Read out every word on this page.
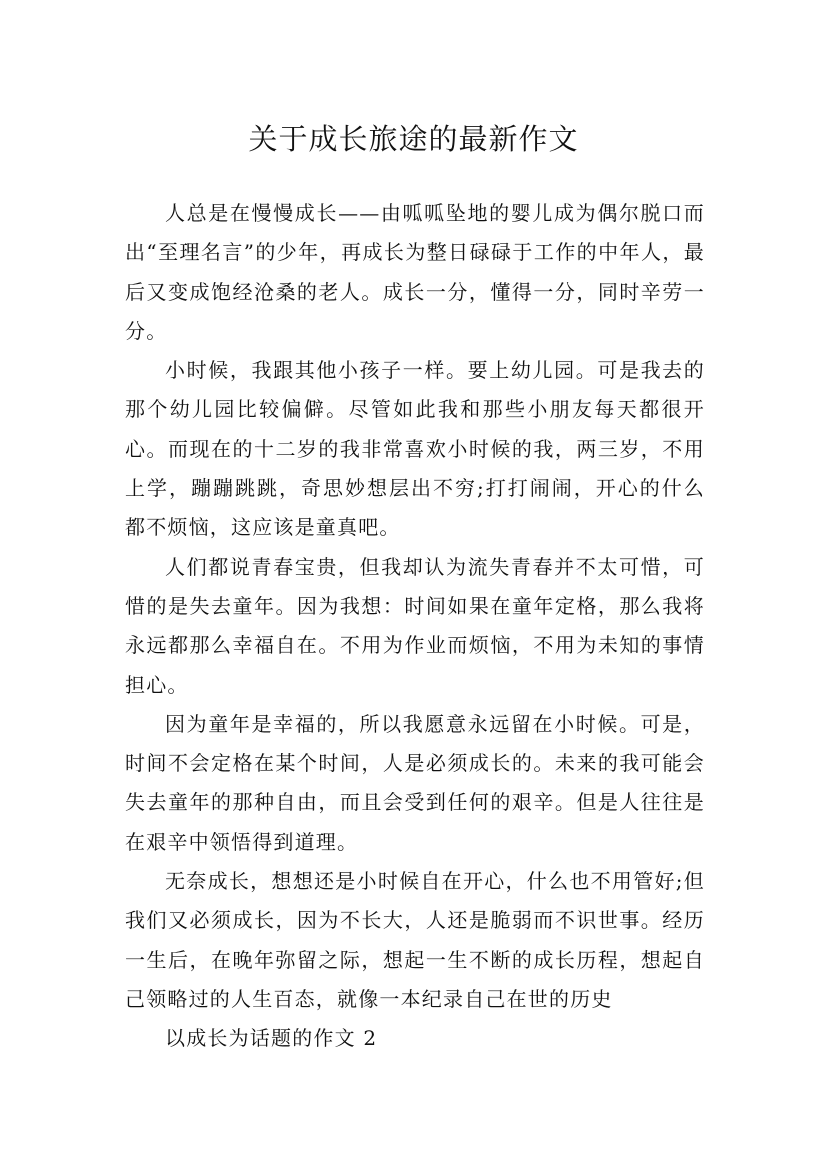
关于成长旅途的最新作文

人总是在慢慢成长——由呱呱坠地的婴儿成为偶尔脱口而出“至理名言”的少年，再成长为整日碌碌于工作的中年人，最后又变成饱经沧桑的老人。成长一分，懂得一分，同时辛劳一分。

小时候，我跟其他小孩子一样。要上幼儿园。可是我去的那个幼儿园比较偏僻。尽管如此我和那些小朋友每天都很开心。而现在的十二岁的我非常喜欢小时候的我，两三岁，不用上学，蹦蹦跳跳，奇思妙想层出不穷;打打闹闹，开心的什么都不烦恼，这应该是童真吧。

人们都说青春宝贵，但我却认为流失青春并不太可惜，可惜的是失去童年。因为我想：时间如果在童年定格，那么我将永远都那么幸福自在。不用为作业而烦恼，不用为未知的事情担心。

因为童年是幸福的，所以我愿意永远留在小时候。可是，时间不会定格在某个时间，人是必须成长的。未来的我可能会失去童年的那种自由，而且会受到任何的艰辛。但是人往往是在艰辛中领悟得到道理。

无奈成长，想想还是小时候自在开心，什么也不用管好;但我们又必须成长，因为不长大，人还是脆弱而不识世事。经历一生后，在晚年弥留之际，想起一生不断的成长历程，想起自己领略过的人生百态，就像一本纪录自己在世的历史

以成长为话题的作文 2
